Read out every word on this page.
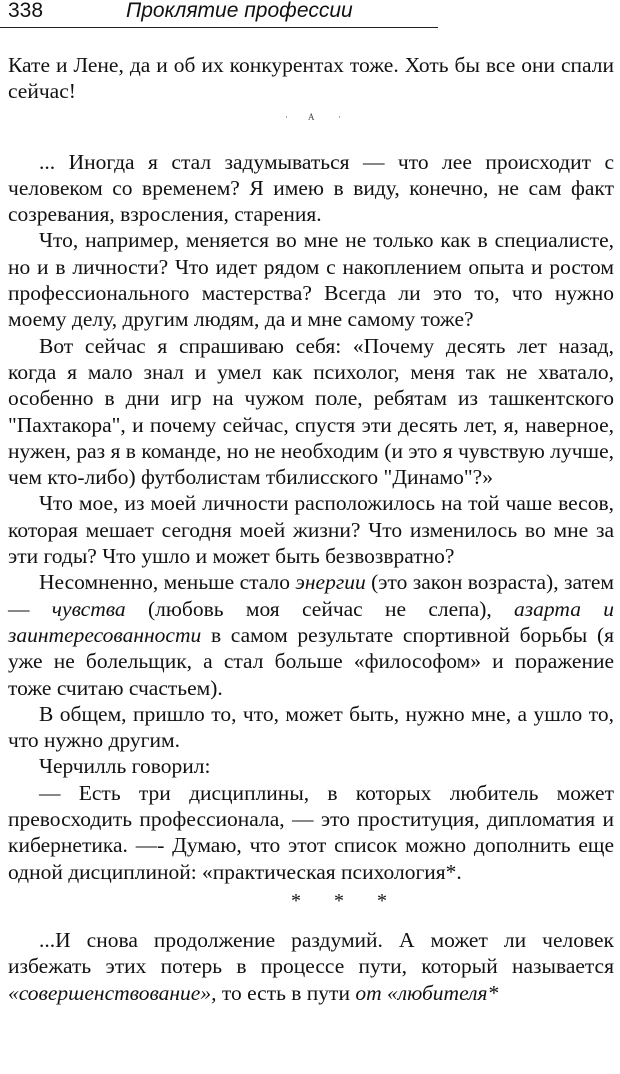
338	Проклятие профессии

Кате и Лене, да и об их конкурентах тоже. Хоть бы все они спали сейчас!

· А	·

... Иногда я стал задумываться — что лее происходит с человеком со временем? Я имею в виду, конечно, не сам факт созревания, взросления, старения.

Что, например, меняется во мне не только как в специалисте, но и в личности? Что идет рядом с накоплением опыта и ростом профессионального мастерства? Всегда ли это то, что нужно моему делу, другим людям, да и мне самому тоже?

Вот сейчас я спрашиваю себя: «Почему десять лет назад, когда я мало знал и умел как психолог, меня так не хватало, особенно в дни игр на чужом поле, ребятам из ташкентского "Пахтакора", и почему сейчас, спустя эти десять лет, я, наверное, нужен, раз я в команде, но не необходим (и это я чувствую лучше, чем кто-либо) футболистам тбилисского "Динамо"?»

Что мое, из моей личности расположилось на той чаше весов, которая мешает сегодня моей жизни? Что изменилось во мне за эти годы? Что ушло и может быть безвозвратно?

Несомненно, меньше стало энергии (это закон возраста), затем — чувства (любовь моя сейчас не слепа), азарта и заинтересованности в самом результате спортивной борьбы (я уже не болельщик, а стал больше «философом» и поражение тоже считаю счастьем).

В общем, пришло то, что, может быть, нужно мне, а ушло то, что нужно другим.

Черчилль говорил:

— Есть три дисциплины, в которых любитель может превосходить профессионала, — это проституция, дипломатия и кибернетика. —- Думаю, что этот список можно дополнить еще одной дисциплиной: «практическая психология*.

* * *

...И снова продолжение раздумий. А может ли человек избежать этих потерь в процессе пути, который называется «совершенствование», то есть в пути от «любителя*
